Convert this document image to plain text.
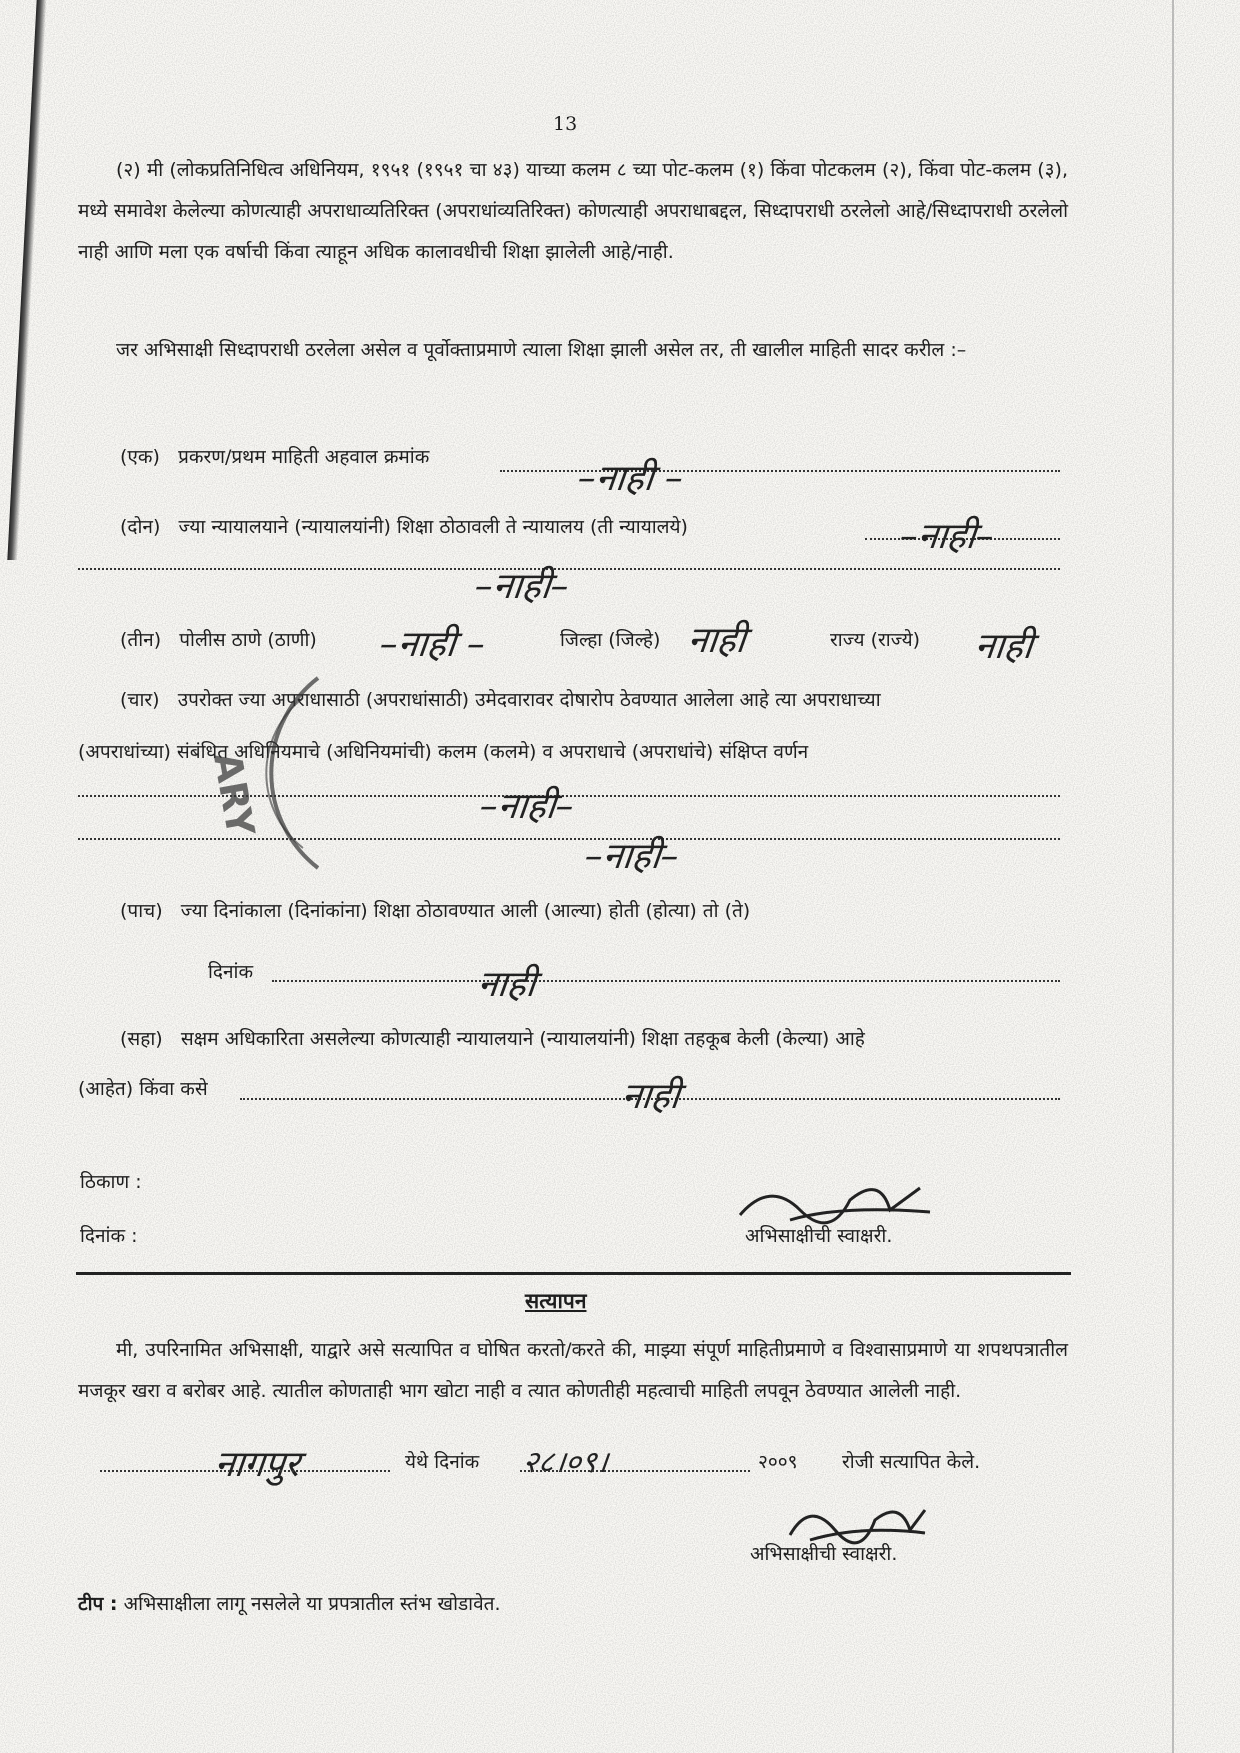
13
(२) मी (लोकप्रतिनिधित्व अधिनियम, १९५१ (१९५१ चा ४३) याच्या कलम ८ च्या पोट-कलम (१) किंवा पोटकलम (२), किंवा पोट-कलम (३), मध्ये समावेश केलेल्या कोणत्याही अपराधाव्यतिरिक्त (अपराधांव्यतिरिक्त) कोणत्याही अपराधाबद्दल, सिध्दापराधी ठरलेलो आहे/सिध्दापराधी ठरलेलो नाही आणि मला एक वर्षाची किंवा त्याहून अधिक कालावधीची शिक्षा झालेली आहे/नाही.
जर अभिसाक्षी सिध्दापराधी ठरलेला असेल व पूर्वोक्ताप्रमाणे त्याला शिक्षा झाली असेल तर, ती खालील माहिती सादर करील :–
(एक) प्रकरण/प्रथम माहिती अहवाल क्रमांक
–नाही –
(दोन) ज्या न्यायालयाने (न्यायालयांनी) शिक्षा ठोठावली ते न्यायालय (ती न्यायालये)	–नाही–
–नाही–
(तीन) पोलीस ठाणे (ठाणी)	जिल्हा (जिल्हे)	राज्य (राज्ये)
–नाही –	नाही	नाही
(चार) उपरोक्त ज्या अपराधासाठी (अपराधांसाठी) उमेदवारावर दोषारोप ठेवण्यात आलेला आहे त्या अपराधाच्या
(अपराधांच्या) संबंधित अधिनियमाचे (अधिनियमांची) कलम (कलमे) व अपराधाचे (अपराधांचे) संक्षिप्त वर्णन
–नाही–
–नाही–
(पाच) ज्या दिनांकाला (दिनांकांना) शिक्षा ठोठावण्यात आली (आल्या) होती (होत्या) तो (ते)
दिनांक	नाही
(सहा) सक्षम अधिकारिता असलेल्या कोणत्याही न्यायालयाने (न्यायालयांनी) शिक्षा तहकूब केली (केल्या) आहे
(आहेत) किंवा कसे	नाही
ठिकाण :
दिनांक :	अभिसाक्षीची स्वाक्षरी.
सत्यापन
मी, उपरिनामित अभिसाक्षी, याद्वारे असे सत्यापित व घोषित करतो/करते की, माझ्या संपूर्ण माहितीप्रमाणे व विश्वासाप्रमाणे या शपथपत्रातील मजकूर खरा व बरोबर आहे. त्यातील कोणताही भाग खोटा नाही व त्यात कोणतीही महत्वाची माहिती लपवून ठेवण्यात आलेली नाही.
नागपुर	येथे दिनांक २८।०९।	२००९ रोजी सत्यापित केले.
अभिसाक्षीची स्वाक्षरी.
टीप : अभिसाक्षीला लागू नसलेले या प्रपत्रातील स्तंभ खोडावेत.
ARY
